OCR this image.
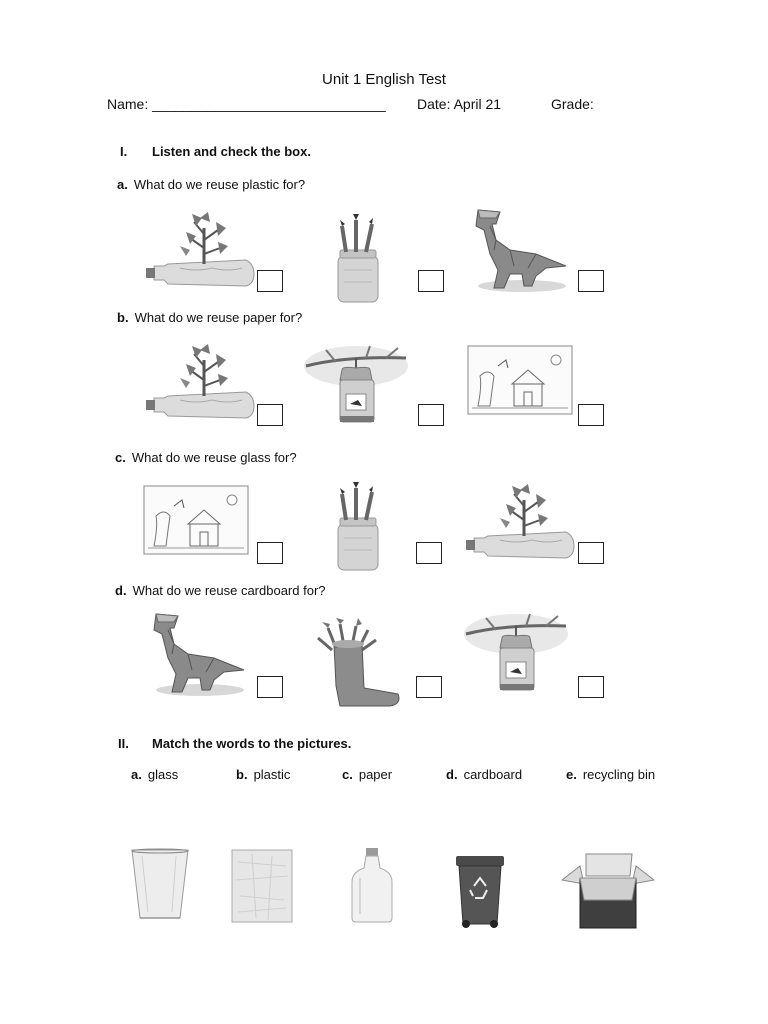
Unit 1 English Test
Name: ______________________________ Date: April 21	Grade:
I. Listen and check the box.
a. What do we reuse plastic for?
b. What do we reuse paper for?
c. What do we reuse glass for?
d. What do we reuse cardboard for?
II. Match the words to the pictures.
a. glass	b. plastic	c. paper	d. cardboard	e. recycling bin
